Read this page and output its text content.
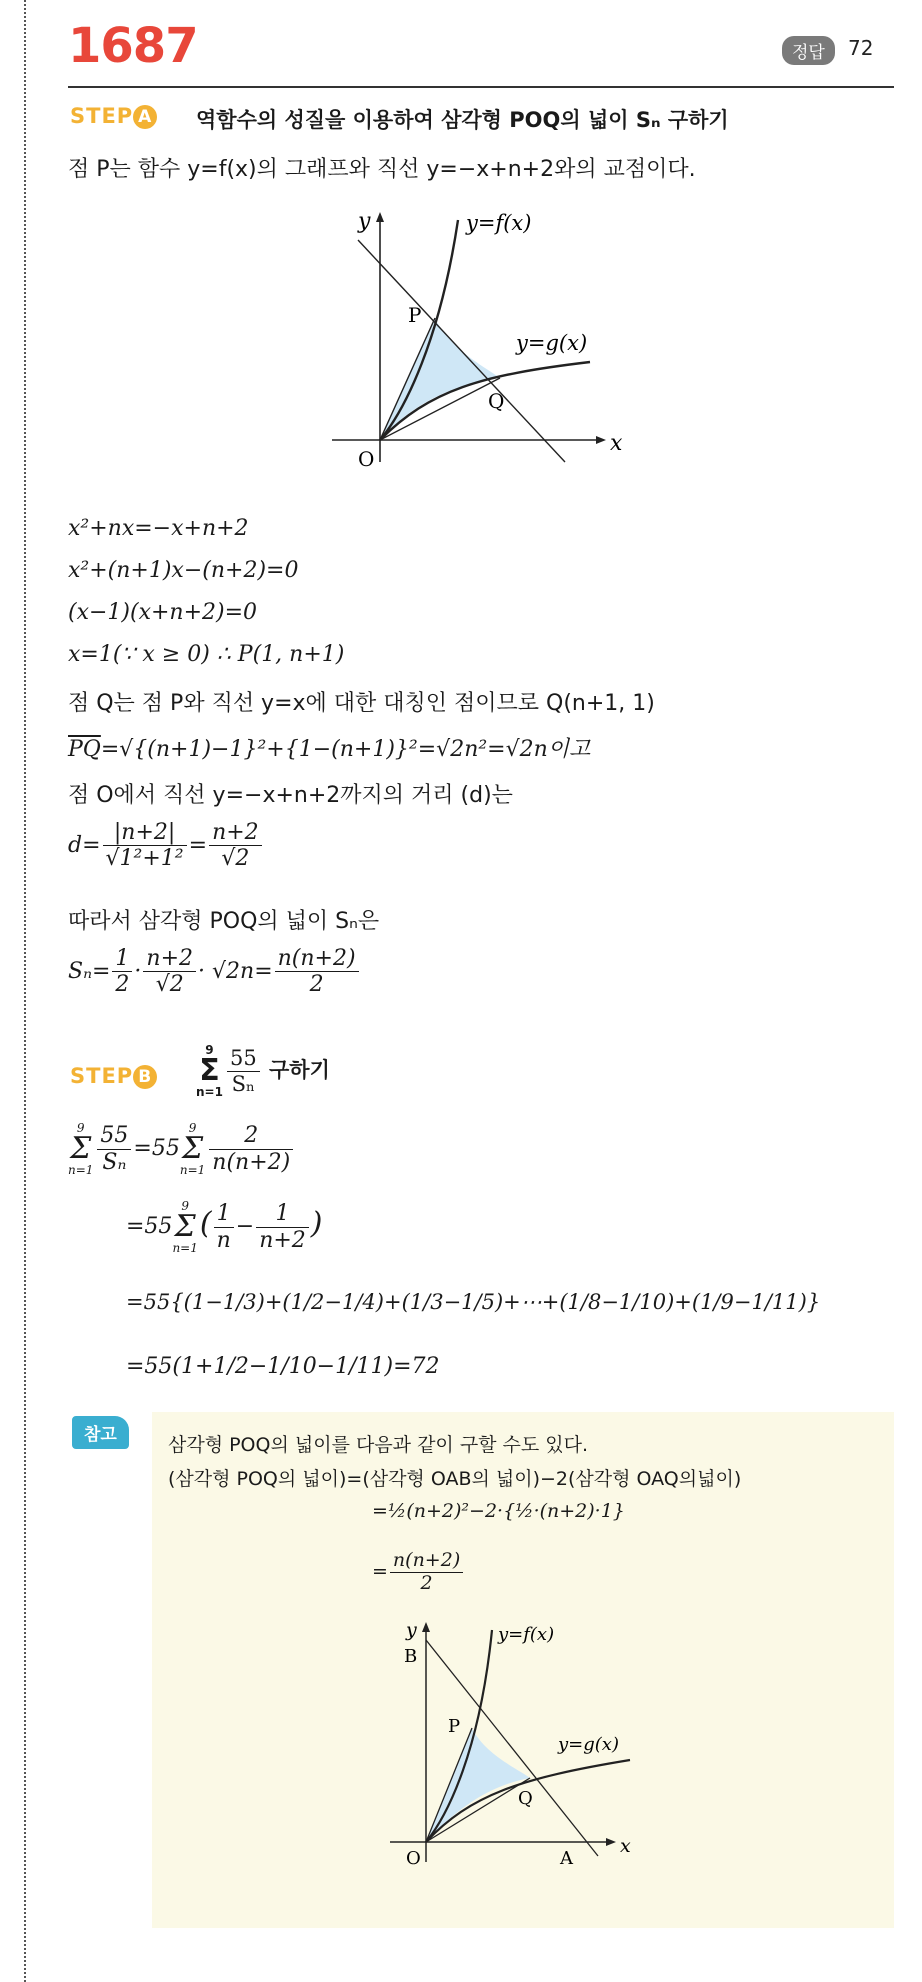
1687	정답	72
STEP A 역함수의 성질을 이용하여 삼각형 POQ의 넓이 Sₙ 구하기
점 P는 함수 y=f(x)의 그래프와 직선 y=−x+n+2와의 교점이다.
y
x
O
y=f(x)
y=g(x)
P
Q
x²+nx=−x+n+2
x²+(n+1)x−(n+2)=0
(x−1)(x+n+2)=0
x=1(∵ x ≥ 0) ∴ P(1, n+1)
점 Q는 점 P와 직선 y=x에 대한 대칭인 점이므로 Q(n+1, 1)
$\overline{PQ}=√\{(n+1)-1\}^2+\{1-(n+1)\}^2=√2n^2=√2n$이고
점 O에서 직선 y=−x+n+2까지의 거리 (d)는
$d= \frac{|n+2|}{\text{√1²+1²}} = \frac{n+2}{√2}$
따라서 삼각형 POQ의 넓이 Sₙ은
$S_n= \frac{1}{2} \cdot \frac{n+2}{√2} \cdot √2n= \frac{n(n+2)}{2}$
STEP B
9
Σ
$n=1 \frac{55}{\text{Sₙ}}$ 구하기
9
Σ
$n=1 \frac{55}{\text{Sₙ}} =559$
Σ
$n=1 \frac{2}{n(n+2)}$
=559
Σ
$n=1( \frac{1}{n} - \frac{1}{n+2}$ )
=55{(1−1/3)+(1/2−1/4)+(1/3−1/5)+⋯+(1/8−1/10)+(1/9−1/11)}
=55(1+1/2−1/10−1/11)=72
참고	삼각형 POQ의 넓이를 다음과 같이 구할 수도 있다.
(삼각형 POQ의 넓이)=(삼각형 OAB의 넓이)−2(삼각형 OAQ의넓이)
=½(n+2)²−2·{½·(n+2)·1}
= $\frac{n(n+2)}{2}$
y
x
O	A
B
P
Q
y=f(x)
y=g(x)
